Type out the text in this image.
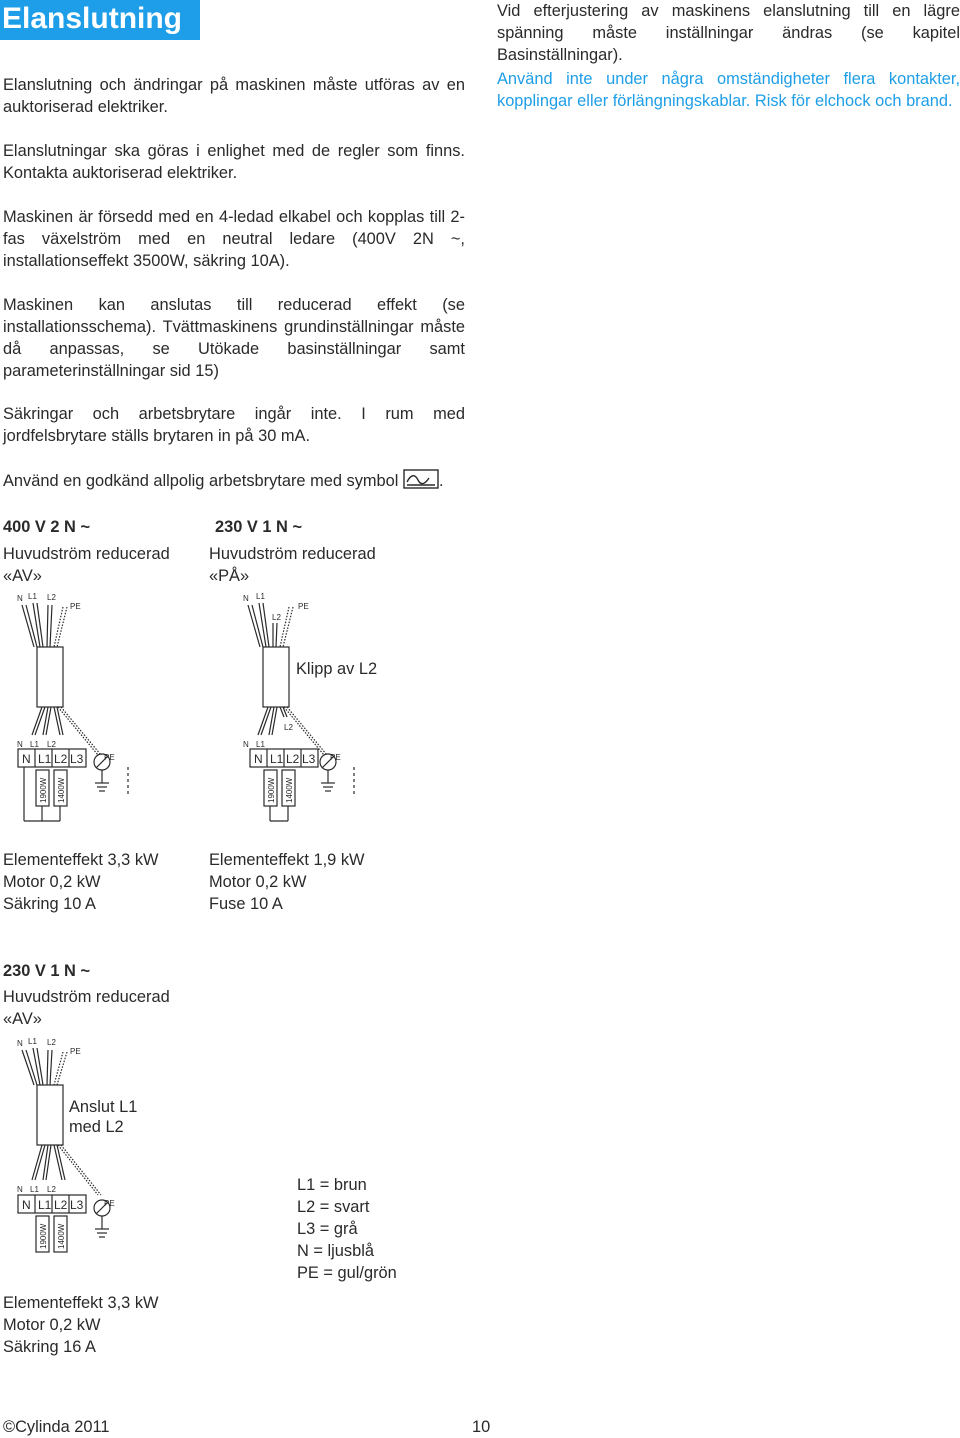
Elanslutning	Vid efterjustering av maskinens elanslutning till en lägre spänning måste inställningar ändras (se kapitel Basinställningar).
Använd inte under några omständigheter flera kontakter, kopplingar eller förlängningskablar. Risk för elchock och brand.
Elanslutning och ändringar på maskinen måste utföras av en auktoriserad elektriker.
Elanslutningar ska göras i enlighet med de regler som finns. Kontakta auktoriserad elektriker.
Maskinen är försedd med en 4-ledad elkabel och kopplas till 2-fas växelström med en neutral ledare (400V 2N ~, installationseffekt 3500W, säkring 10A).
Maskinen kan anslutas till reducerad effekt (se installationsschema). Tvättmaskinens grundinställningar måste då anpassas, se Utökade basinställningar samt parameterinställningar sid 15)
Säkringar och arbetsbrytare ingår inte. I rum med jordfelsbrytare ställs brytaren in på 30 mA.
Använd en godkänd allpolig arbetsbrytare med symbol .
400 V 2 N ~
Huvudström reducerad
«AV»
230 V 1 N ~
Huvudström reducerad
«PÅ»
Klipp av L2
N L1 L2
PE
N L1 L2
PE
N L1 L2 L3
1900W 1400W
N L1
L2
PE
N L1
L2
PE
N L1 L2 L3
1900W 1400W
Elementeffekt 3,3 kW
Motor 0,2 kW
Säkring 10 A
Elementeffekt 1,9 kW
Motor 0,2 kW
Fuse 10 A
230 V 1 N ~
Huvudström reducerad
«AV»
Anslut L1
med L2
N L1 L2
PE
N L1 L2
PE
N L1 L2 L3
1900W 1400W
L1 = brun
L2 = svart
L3 = grå
N = ljusblå
PE = gul/grön
Elementeffekt 3,3 kW
Motor 0,2 kW
Säkring 16 A
©Cylinda 2011	10
